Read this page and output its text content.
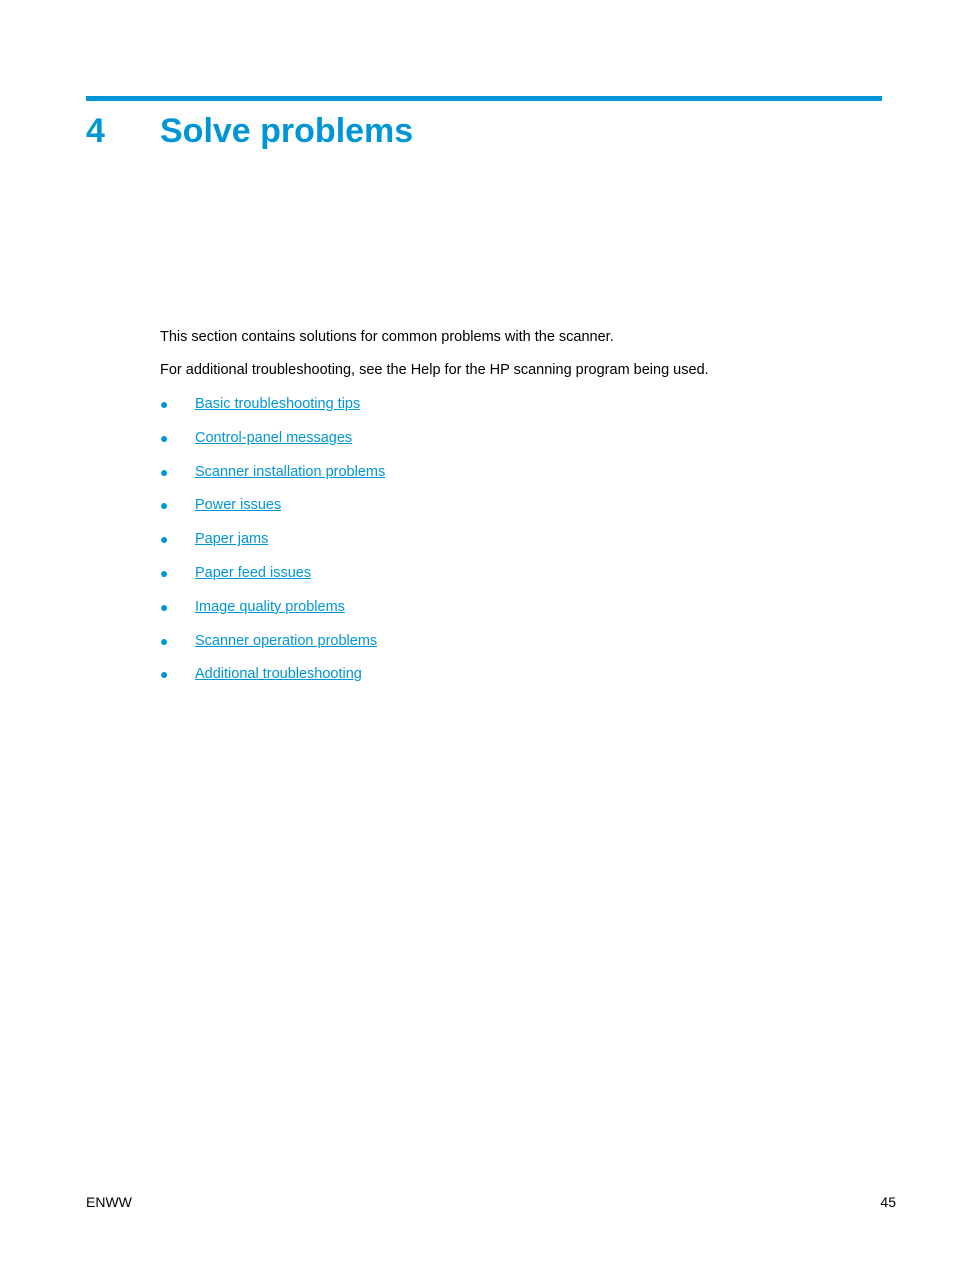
4	Solve problems

This section contains solutions for common problems with the scanner.

For additional troubleshooting, see the Help for the HP scanning program being used.

●	Basic troubleshooting tips
●	Control-panel messages
●	Scanner installation problems
●	Power issues
●	Paper jams
●	Paper feed issues
●	Image quality problems
●	Scanner operation problems
●	Additional troubleshooting
ENWW	45
